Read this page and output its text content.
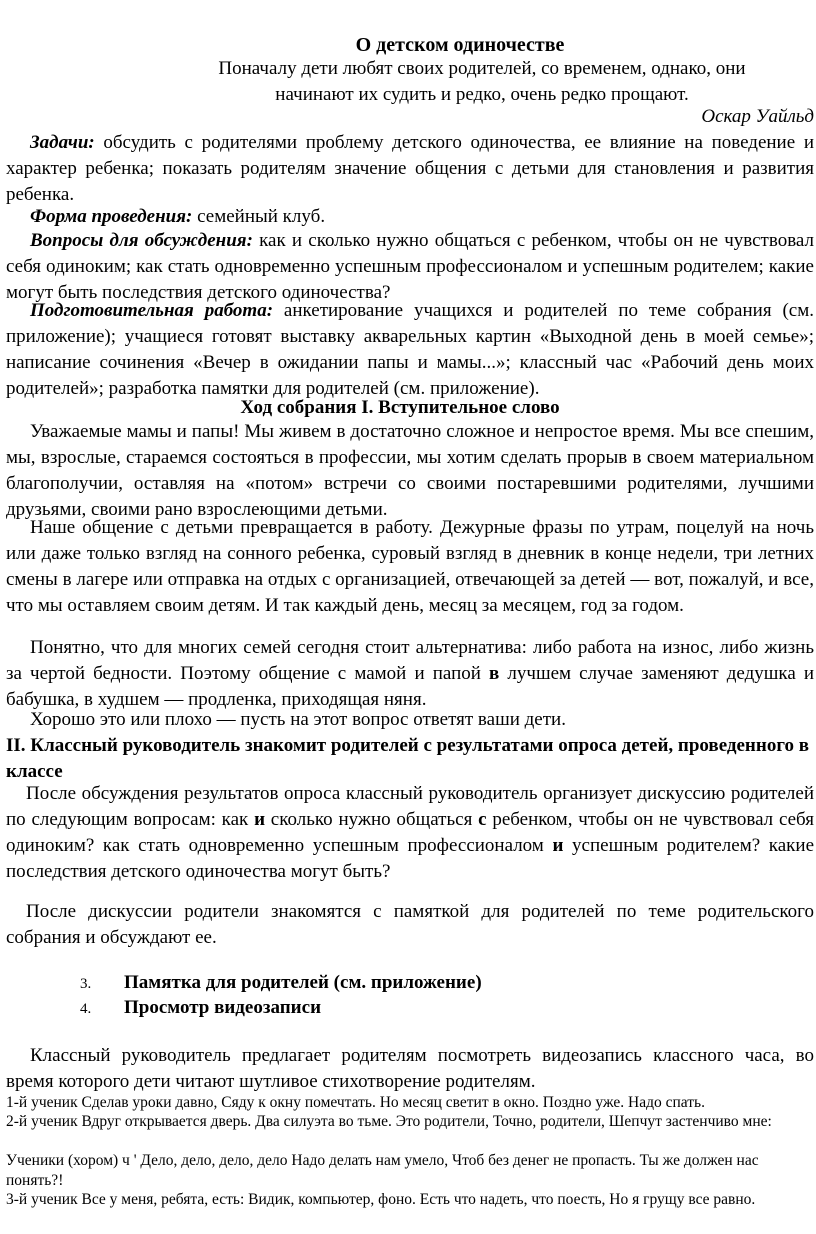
О детском одиночестве
Поначалу дети любят своих родителей, со временем, однако, они
начинают их судить и редко, очень редко прощают.
Оскар Уайльд
Задачи: обсудить с родителями проблему детского одиночества, ее влияние на поведение и характер ребенка; показать родителям значение общения с детьми для становления и развития ребенка.
Форма проведения: семейный клуб.
Вопросы для обсуждения: как и сколько нужно общаться с ребенком, чтобы он не чувствовал себя одиноким; как стать одновременно успешным профессионалом и успешным родителем; какие могут быть последствия детского одиночества?
Подготовительная работа: анкетирование учащихся и родителей по теме собрания (см. приложение); учащиеся готовят выставку акварельных картин «Выходной день в моей семье»; написание сочинения «Вечер в ожидании папы и мамы...»; классный час «Рабочий день моих родителей»; разработка памятки для родителей (см. приложение).
Ход собрания I. Вступительное слово
Уважаемые мамы и папы! Мы живем в достаточно сложное и непростое время. Мы все спешим, мы, взрослые, стараемся состояться в профессии, мы хотим сделать прорыв в своем материальном благополучии, оставляя на «потом» встречи со своими постаревшими родителями, лучшими друзьями, своими рано взрослеющими детьми.
Наше общение с детьми превращается в работу. Дежурные фразы по утрам, поцелуй на ночь или даже только взгляд на сонного ребенка, суровый взгляд в дневник в конце недели, три летних смены в лагере или отправка на отдых с организацией, отвечающей за детей — вот, пожалуй, и все, что мы оставляем своим детям. И так каждый день, месяц за месяцем, год за годом.
Понятно, что для многих семей сегодня стоит альтернатива: либо работа на износ, либо жизнь за чертой бедности. Поэтому общение с мамой и папой в лучшем случае заменяют дедушка и бабушка, в худшем — продленка, приходящая няня.
Хорошо это или плохо — пусть на этот вопрос ответят ваши дети.
II. Классный руководитель знакомит родителей с результатами опроса детей, проведенного в классе
После обсуждения результатов опроса классный руководитель организует дискуссию родителей по следующим вопросам: как и сколько нужно общаться с ребенком, чтобы он не чувствовал себя одиноким? как стать одновременно успешным профессионалом и успешным родителем? какие последствия детского одиночества могут быть?
После дискуссии родители знакомятся с памяткой для родителей по теме родительского собрания и обсуждают ее.
3. Памятка для родителей (см. приложение)
4. Просмотр видеозаписи
Классный руководитель предлагает родителям посмотреть видеозапись классного часа, во время которого дети читают шутливое стихотворение родителям.
1-й ученик Сделав уроки давно, Сяду к окну помечтать. Но месяц светит в окно. Поздно уже. Надо спать.
2-й ученик Вдруг открывается дверь. Два силуэта во тьме. Это родители, Точно, родители, Шепчут застенчиво мне:
Ученики (хором) ч ' Дело, дело, дело, дело Надо делать нам умело, Чтоб без денег не пропасть. Ты же должен нас понять?!
3-й ученик Все у меня, ребята, есть: Видик, компьютер, фоно. Есть что надеть, что поесть, Но я грущу все равно.
